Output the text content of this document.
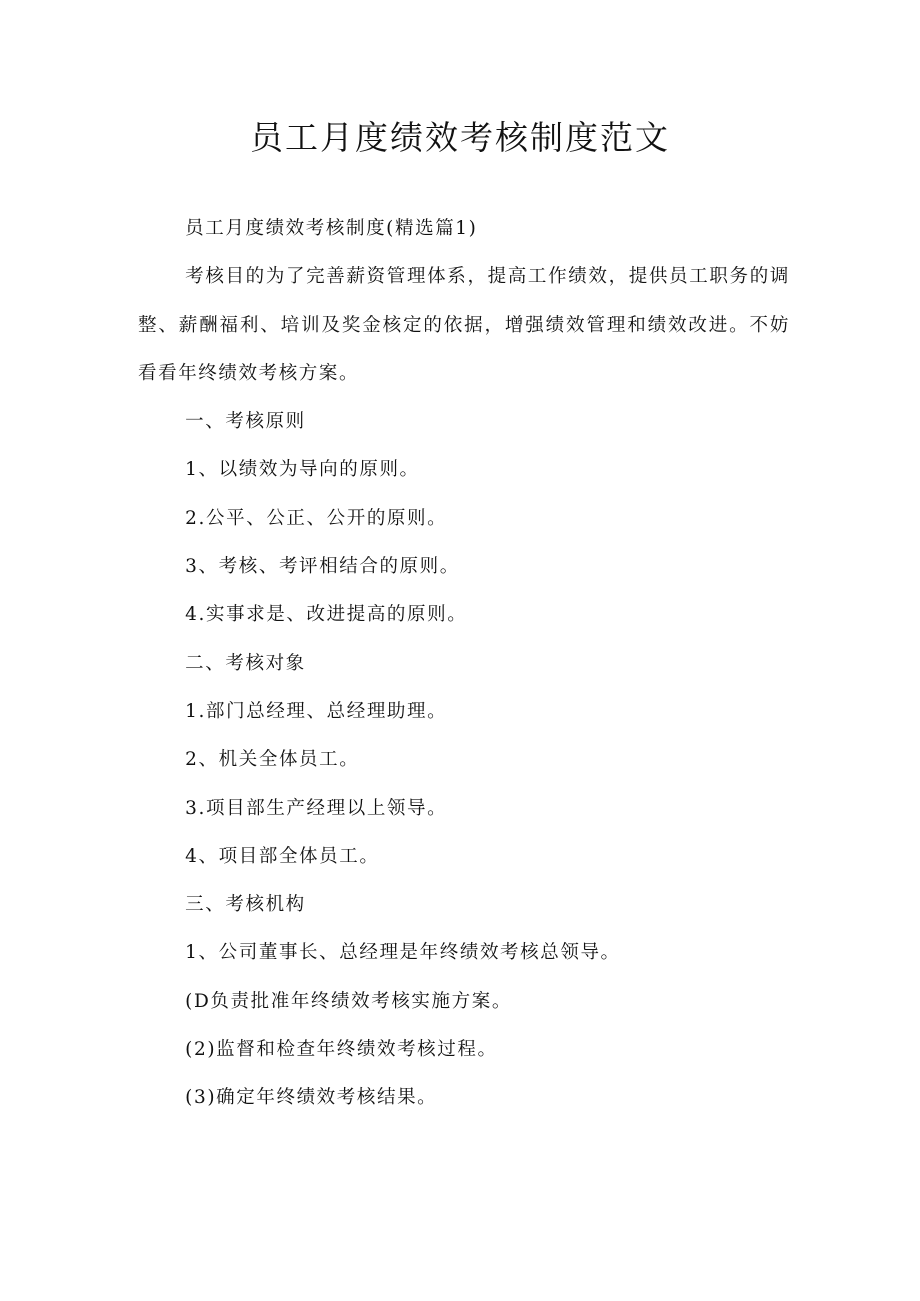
员工月度绩效考核制度范文

员工月度绩效考核制度(精选篇1)

考核目的为了完善薪资管理体系，提高工作绩效，提供员工职务的调整、薪酬福利、培训及奖金核定的依据，增强绩效管理和绩效改进。不妨看看年终绩效考核方案。

一、考核原则

1、以绩效为导向的原则。

2.公平、公正、公开的原则。

3、考核、考评相结合的原则。

4.实事求是、改进提高的原则。

二、考核对象

1.部门总经理、总经理助理。

2、机关全体员工。

3.项目部生产经理以上领导。

4、项目部全体员工。

三、考核机构

1、公司董事长、总经理是年终绩效考核总领导。

(D负责批准年终绩效考核实施方案。

(2)监督和检查年终绩效考核过程。

(3)确定年终绩效考核结果。
